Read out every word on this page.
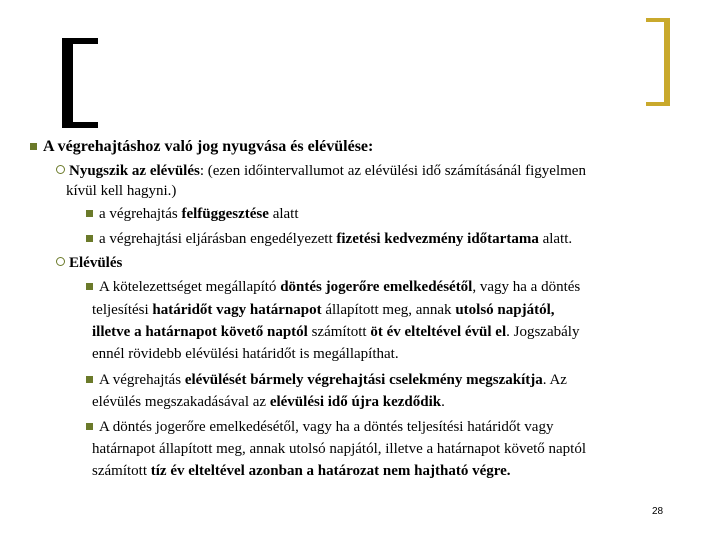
A végrehajtáshoz való jog nyugvása és elévülése:
Nyugszik az elévülés: (ezen időintervallumot az elévülési idő számításánál figyelmen
kívül kell hagyni.)
a végrehajtás felfüggesztése alatt
a végrehajtási eljárásban engedélyezett fizetési kedvezmény időtartama alatt.
Elévülés
A kötelezettséget megállapító döntés jogerőre emelkedésétől, vagy ha a döntés
teljesítési határidőt vagy határnapot állapított meg, annak utolsó napjától,
illetve a határnapot követő naptól számított öt év elteltével évül el. Jogszabály
ennél rövidebb elévülési határidőt is megállapíthat.
A végrehajtás elévülését bármely végrehajtási cselekmény megszakítja. Az
elévülés megszakadásával az elévülési idő újra kezdődik.
A döntés jogerőre emelkedésétől, vagy ha a döntés teljesítési határidőt vagy
határnapot állapított meg, annak utolsó napjától, illetve a határnapot követő naptól
számított tíz év elteltével azonban a határozat nem hajtható végre.
28
